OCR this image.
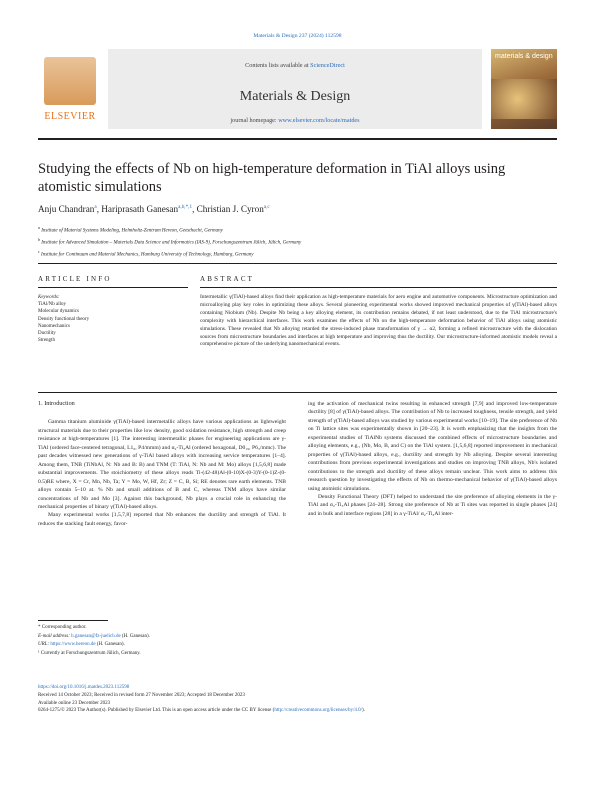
Materials & Design 237 (2024) 112598
ELSEVIER
Contents lists available at ScienceDirect
Materials & Design
journal homepage: www.elsevier.com/locate/matdes
materials & design
Studying the effects of Nb on high-temperature deformation in TiAl alloys using atomistic simulations
Anju Chandran$^a$, Hariprasath Ganesan$^{a,b,*,1}$, Christian J. Cyron$^{a,c}$
$^a$ Institute of Material Systems Modeling, Helmholtz-Zentrum Hereon, Geesthacht, Germany
$^b$ Institute for Advanced Simulation – Materials Data Science and Informatics (IAS-9), Forschungszentrum Jülich, Jülich, Germany
$^c$ Institute for Continuum and Material Mechanics, Hamburg University of Technology, Hamburg, Germany
ARTICLE INFO	ABSTRACT
Keywords:
TiAl/Nb alloy
Molecular dynamics
Density functional theory
Nanomechanics
Ductility
Strength
Intermetallic γ(TiAl)-based alloys find their application as high-temperature materials for aero engine and automotive components. Microstructure optimization and microalloying play key roles in optimizing these alloys. Several pioneering experimental works showed improved mechanical properties of γ(TiAl)-based alloys containing Niobium (Nb). Despite Nb being a key alloying element, its contribution remains debated, if not least understood, due to the TiAl microstructure's complexity with hierarchical interfaces. This work examines the effects of Nb on the high-temperature deformation behavior of TiAl alloys using atomistic simulations. These revealed that Nb alloying retarded the stress-induced phase transformation of γ → α2, forming a refined microstructure with the dislocation sources from microstructure boundaries and interfaces at high temperature and improving thus the ductility. Our microstructure-informed atomistic models reveal a comprehensive picture of the underlying nanomechanical events.
1. Introduction

Gamma titanium aluminide γ(TiAl)-based intermetallic alloys have various applications as lightweight structural materials due to their properties like low density, good oxidation resistance, high strength and creep resistance at high-temperatures [1]. The interesting intermetallic phases for engineering applications are γ-TiAl (ordered face-centered tetragonal, L1₀, P4/mmm) and α₂-Ti₃Al (ordered hexagonal, D0₁₉, P6₃/mmc). The past decades witnessed new generations of γ-TiAl based alloys with increasing service temperatures [1–4]. Among them, TNB (TiNbAl, N: Nb and B: B) and TNM (T: TiAl, N: Nb and M: Mo) alloys [1,5,6,8] made substantial improvements. The stoichiometry of these alloys reads Ti-(42-48)Al-(0-10)X-(0-3)Y-(0-1)Z-(0-0.5)RE where, X = Cr, Mn, Nb, Ta; Y = Mo, W, Hf, Zr; Z = C, B, Si; RE denotes rare earth elements. TNB alloys contain 5–10 at. % Nb and small additions of B and C, whereas TNM alloys have similar concentrations of Nb and Mo [3]. Against this background, Nb plays a crucial role in enhancing the mechanical properties of binary γ(TiAl)-based alloys.

Many experimental works [1,5,7,8] reported that Nb enhances the ductility and strength of TiAl. It reduces the stacking fault energy, favor-

ing the activation of mechanical twins resulting in enhanced strength [7,9] and improved low-temperature ductility [8] of γ(TiAl)-based alloys. The contribution of Nb to increased toughness, tensile strength, and yield strength of γ(TiAl)-based alloys was studied by various experimental works [10–19]. The site preference of Nb on Ti lattice sites was experimentally shown in [20–23]. It is worth emphasizing that the insights from the experimental studies of TiAlNb systems discussed the combined effects of microstructure boundaries and alloying elements, e.g., (Nb, Mo, B, and C) on the TiAl system. [1,5,6,8] reported improvement in mechanical properties of γ(TiAl)-based alloys, e.g., ductility and strength by Nb alloying. Despite several interesting contributions from previous experimental investigations and studies on improving TNB alloys, Nb's isolated contributions to the strength and ductility of these alloys remain unclear. This work aims to address this research question by investigating the effects of Nb on thermo-mechanical behavior of γ(TiAl)-based alloys using atomistic simulations.

Density Functional Theory (DFT) helped to understand the site preference of alloying elements in the γ-TiAl and α₂-Ti₃Al phases [24–28]. Strong site preference of Nb at Ti sites was reported in single phases [24] and in bulk and interface regions [28] in a γ-TiAl/ α₂-Ti₃Al inter-

* Corresponding author.
E-mail address: h.ganesan@fz-juelich.de (H. Ganesan).
URL: https://www.hereon.de (H. Ganesan).
¹ Currently at Forschungszentrum Jülich, Germany.
https://doi.org/10.1016/j.matdes.2023.112598
Received 14 October 2023; Received in revised form 27 November 2023; Accepted 18 December 2023
Available online 23 December 2023
0264-1275/© 2023 The Author(s). Published by Elsevier Ltd. This is an open access article under the CC BY license (http://creativecommons.org/licenses/by/4.0/).
